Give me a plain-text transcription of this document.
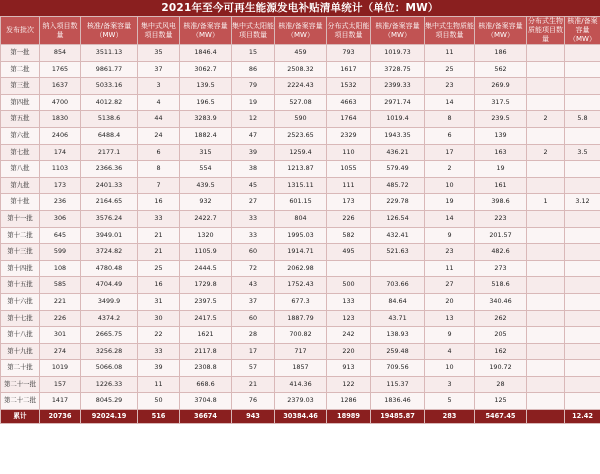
2021年至今可再生能源发电补贴清单统计（单位：MW）
发布批次	纳入项目数量	核准/备案容量（MW）	集中式风电项目数量	核准/备案容量（MW）	集中式太阳能项目数量	核准/备案容量（MW）	分布式太阳能项目数量	核准/备案容量（MW）	集中式生物质能项目数量	核准/备案容量（MW）	分布式生物质能项目数量	核准/备案容量（MW）
第一批	854	3511.13	35	1846.4	15	459	793	1019.73	11	186		
第二批	1765	9861.77	37	3062.7	86	2508.32	1617	3728.75	25	562		
第三批	1637	5033.16	3	139.5	79	2224.43	1532	2399.33	23	269.9		
第四批	4700	4012.82	4	196.5	19	527.08	4663	2971.74	14	317.5		
第五批	1830	5138.6	44	3283.9	12	590	1764	1019.4	8	239.5	2	5.8
第六批	2406	6488.4	24	1882.4	47	2523.65	2329	1943.35	6	139		
第七批	174	2177.1	6	315	39	1259.4	110	436.21	17	163	2	3.5
第八批	1103	2366.36	8	554	38	1213.87	1055	579.49	2	19		
第九批	173	2401.33	7	439.5	45	1315.11	111	485.72	10	161		
第十批	236	2164.65	16	932	27	601.15	173	229.78	19	398.6	1	3.12
第十一批	306	3576.24	33	2422.7	33	804	226	126.54	14	223		
第十二批	645	3949.01	21	1320	33	1995.03	582	432.41	9	201.57		
第十三批	599	3724.82	21	1105.9	60	1914.71	495	521.63	23	482.6		
第十四批	108	4780.48	25	2444.5	72	2062.98			11	273		
第十五批	585	4704.49	16	1729.8	43	1752.43	500	703.66	27	518.6		
第十六批	221	3499.9	31	2397.5	37	677.3	133	84.64	20	340.46		
第十七批	226	4374.2	30	2417.5	60	1887.79	123	43.71	13	262		
第十八批	301	2665.75	22	1621	28	700.82	242	138.93	9	205		
第十九批	274	3256.28	33	2117.8	17	717	220	259.48	4	162		
第二十批	1019	5066.08	39	2308.8	57	1857	913	709.56	10	190.72		
第二十一批	157	1226.33	11	668.6	21	414.36	122	115.37	3	28		
第二十二批	1417	8045.29	50	3704.8	76	2379.03	1286	1836.46	5	125		
累计	20736	92024.19	516	36674	943	30384.46	18989	19485.87	283	5467.45		12.42
